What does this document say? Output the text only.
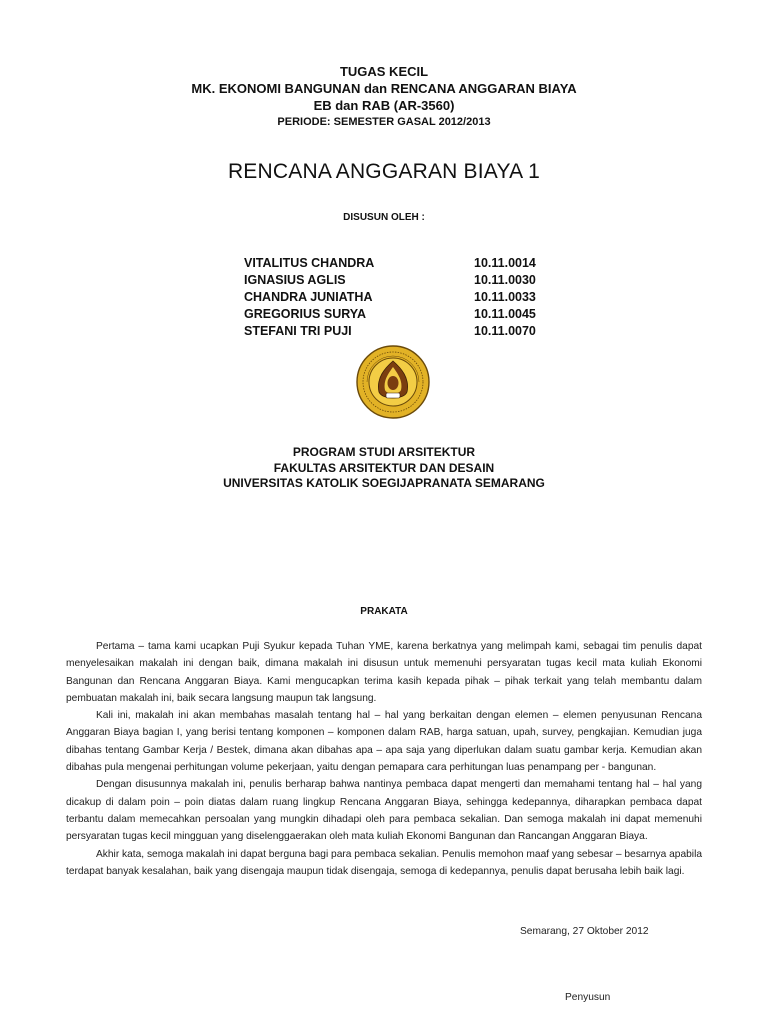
TUGAS KECIL
MK. EKONOMI BANGUNAN dan RENCANA ANGGARAN BIAYA
EB dan RAB (AR-3560)
PERIODE: SEMESTER GASAL 2012/2013
RENCANA ANGGARAN BIAYA 1
DISUSUN OLEH :
VITALITUS CHANDRA	10.11.0014
IGNASIUS AGLIS	10.11.0030
CHANDRA JUNIATHA	10.11.0033
GREGORIUS SURYA	10.11.0045
STEFANI TRI PUJI	10.11.0070
PROGRAM STUDI ARSITEKTUR
FAKULTAS ARSITEKTUR DAN DESAIN
UNIVERSITAS KATOLIK SOEGIJAPRANATA SEMARANG
PRAKATA

Pertama – tama kami ucapkan Puji Syukur kepada Tuhan YME, karena berkatnya yang melimpah kami, sebagai tim penulis dapat menyelesaikan makalah ini dengan baik, dimana makalah ini disusun untuk memenuhi persyaratan tugas kecil mata kuliah Ekonomi Bangunan dan Rencana Anggaran Biaya. Kami mengucapkan terima kasih kepada pihak – pihak terkait yang telah membantu dalam pembuatan makalah ini, baik secara langsung maupun tak langsung.

Kali ini, makalah ini akan membahas masalah tentang hal – hal yang berkaitan dengan elemen – elemen penyusunan Rencana Anggaran Biaya bagian I, yang berisi tentang komponen – komponen dalam RAB, harga satuan, upah, survey, pengkajian. Kemudian juga dibahas tentang Gambar Kerja / Bestek, dimana akan dibahas apa – apa saja yang diperlukan dalam suatu gambar kerja. Kemudian akan dibahas pula mengenai perhitungan volume pekerjaan, yaitu dengan pemapara cara perhitungan luas penampang per - bangunan.

Dengan disusunnya makalah ini, penulis berharap bahwa nantinya pembaca dapat mengerti dan memahami tentang hal – hal yang dicakup di dalam poin – poin diatas dalam ruang lingkup Rencana Anggaran Biaya, sehingga kedepannya, diharapkan pembaca dapat terbantu dalam memecahkan persoalan yang mungkin dihadapi oleh para pembaca sekalian. Dan semoga makalah ini dapat memenuhi persyaratan tugas kecil mingguan yang diselenggaerakan oleh mata kuliah Ekonomi Bangunan dan Rancangan Anggaran Biaya.

Akhir kata, semoga makalah ini dapat berguna bagi para pembaca sekalian. Penulis memohon maaf yang sebesar – besarnya apabila terdapat banyak kesalahan, baik yang disengaja maupun tidak disengaja, semoga di kedepannya, penulis dapat berusaha lebih baik lagi.

Semarang, 27 Oktober 2012
Penyusun
